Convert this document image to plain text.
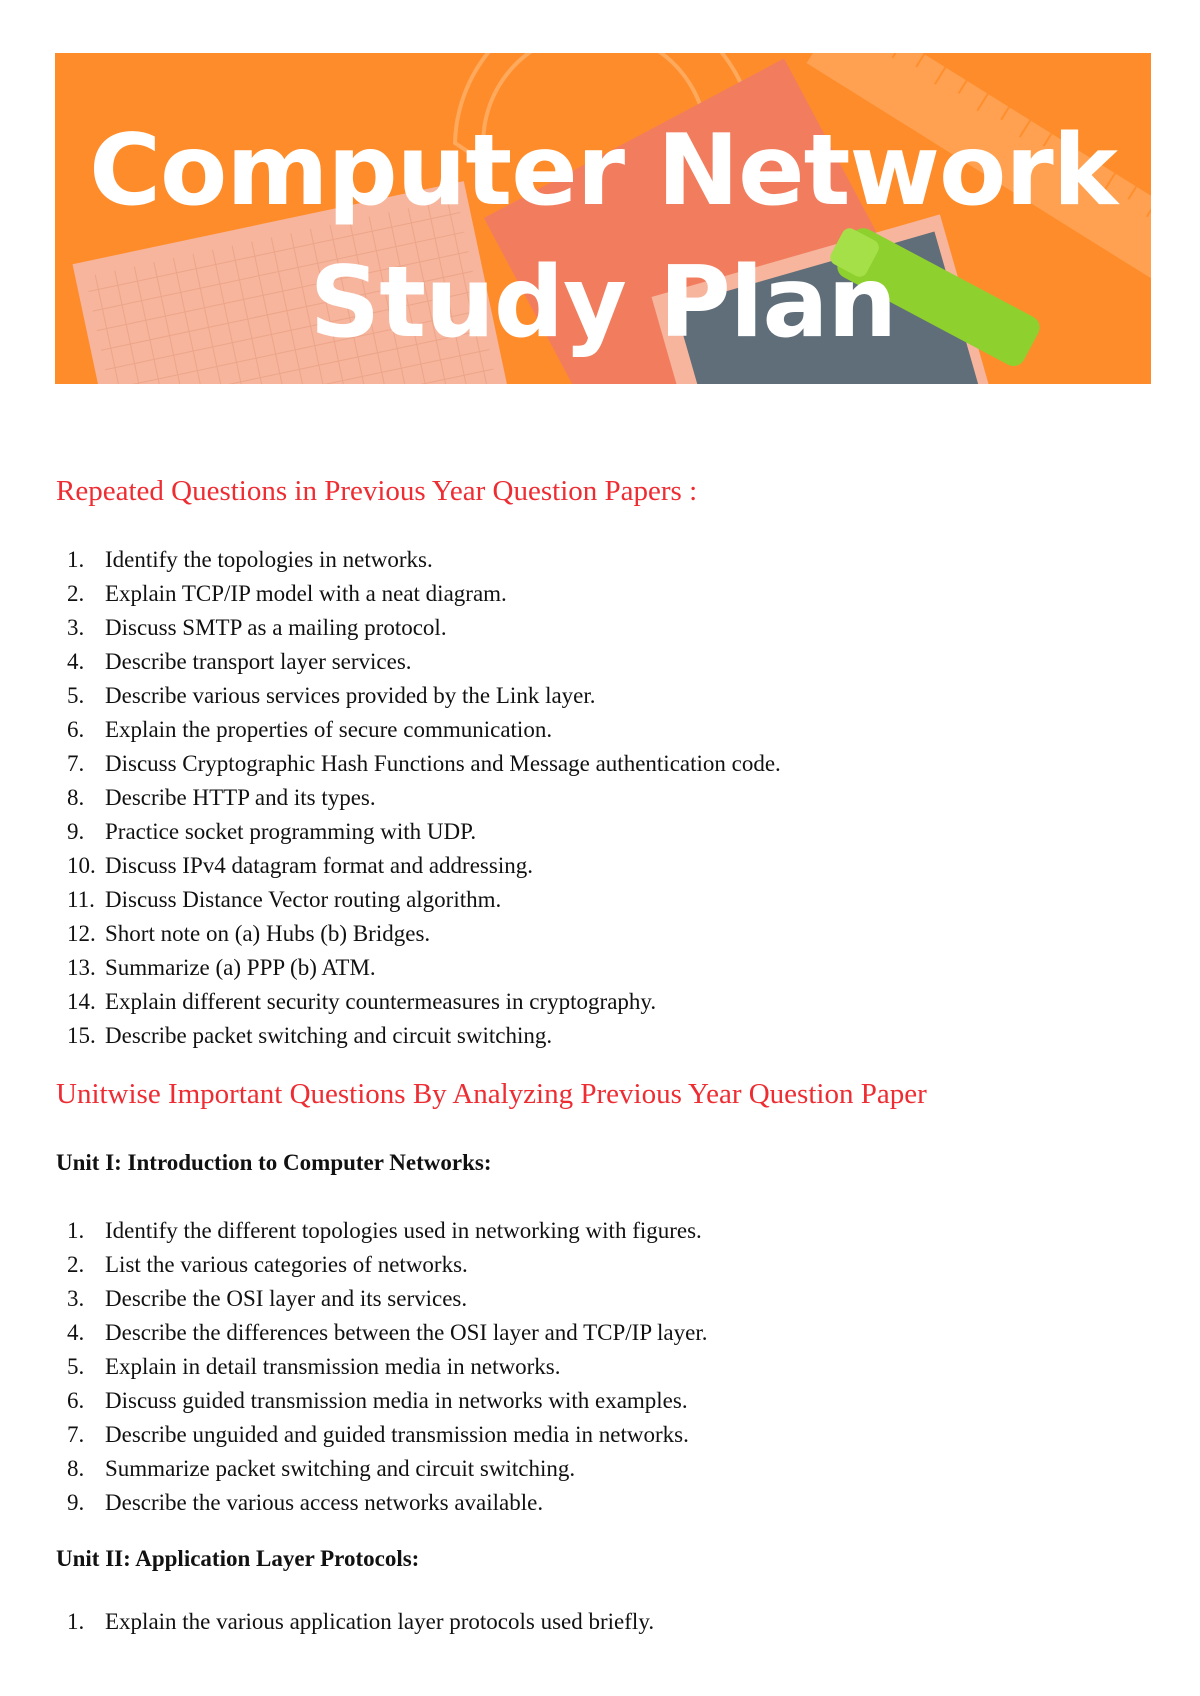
Computer Network
Study Plan
Repeated Questions in Previous Year Question Papers :
1. Identify the topologies in networks.
2. Explain TCP/IP model with a neat diagram.
3. Discuss SMTP as a mailing protocol.
4. Describe transport layer services.
5. Describe various services provided by the Link layer.
6. Explain the properties of secure communication.
7. Discuss Cryptographic Hash Functions and Message authentication code.
8. Describe HTTP and its types.
9. Practice socket programming with UDP.
10. Discuss IPv4 datagram format and addressing.
11. Discuss Distance Vector routing algorithm.
12. Short note on (a) Hubs (b) Bridges.
13. Summarize (a) PPP (b) ATM.
14. Explain different security countermeasures in cryptography.
15. Describe packet switching and circuit switching.
Unitwise Important Questions By Analyzing Previous Year Question Paper
Unit I: Introduction to Computer Networks:
1. Identify the different topologies used in networking with figures.
2. List the various categories of networks.
3. Describe the OSI layer and its services.
4. Describe the differences between the OSI layer and TCP/IP layer.
5. Explain in detail transmission media in networks.
6. Discuss guided transmission media in networks with examples.
7. Describe unguided and guided transmission media in networks.
8. Summarize packet switching and circuit switching.
9. Describe the various access networks available.
Unit II: Application Layer Protocols:
1. Explain the various application layer protocols used briefly.
